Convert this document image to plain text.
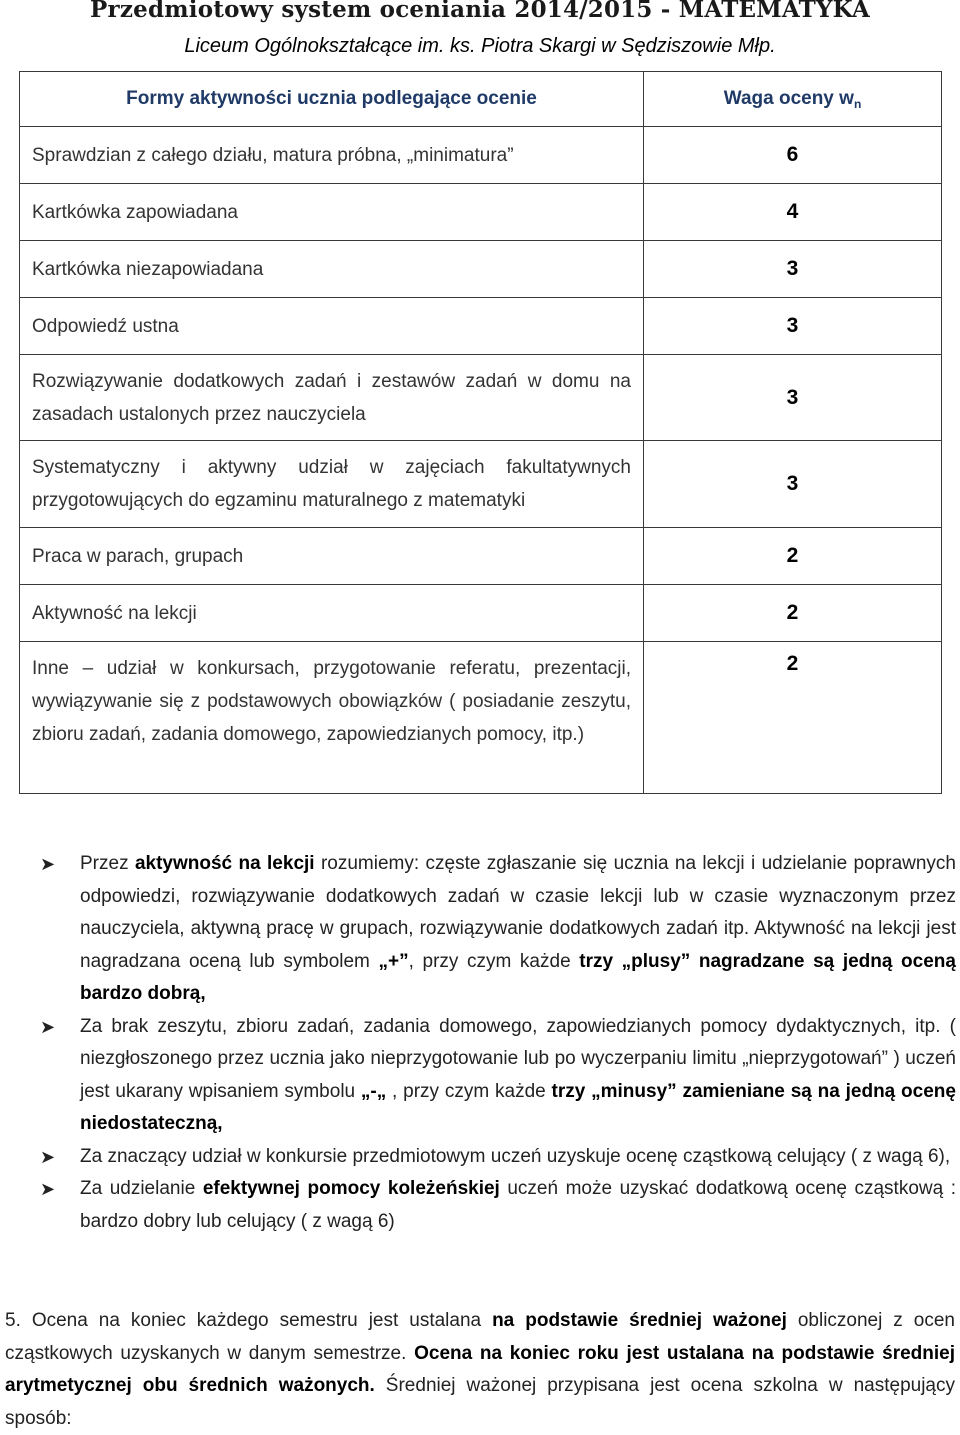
Przedmiotowy system oceniania 2014/2015 - MATEMATYKA
Liceum Ogólnokształcące im. ks. Piotra Skargi w Sędziszowie Młp.
Formy aktywności ucznia podlegające ocenie	Waga oceny $w_n$
Sprawdzian z całego działu, matura próbna, „minimatura”	6
Kartkówka zapowiadana	4
Kartkówka niezapowiadana	3
Odpowiedź ustna	3
Rozwiązywanie dodatkowych zadań i zestawów zadań w domu na zasadach ustalonych przez nauczyciela	3
Systematyczny i aktywny udział w zajęciach fakultatywnych przygotowujących do egzaminu maturalnego z matematyki	3
Praca w parach, grupach	2
Aktywność na lekcji	2
Inne – udział w konkursach, przygotowanie referatu, prezentacji, wywiązywanie się z podstawowych obowiązków ( posiadanie zeszytu, zbioru zadań, zadania domowego, zapowiedzianych pomocy, itp.)	2
➤ Przez aktywność na lekcji rozumiemy: częste zgłaszanie się ucznia na lekcji i udzielanie poprawnych odpowiedzi, rozwiązywanie dodatkowych zadań w czasie lekcji lub w czasie wyznaczonym przez nauczyciela, aktywną pracę w grupach, rozwiązywanie dodatkowych zadań itp. Aktywność na lekcji jest nagradzana oceną lub symbolem „+”, przy czym każde trzy „plusy” nagradzane są jedną oceną bardzo dobrą,
➤ Za brak zeszytu, zbioru zadań, zadania domowego, zapowiedzianych pomocy dydaktycznych, itp. ( niezgłoszonego przez ucznia jako nieprzygotowanie lub po wyczerpaniu limitu „nieprzygotowań” ) uczeń jest ukarany wpisaniem symbolu „-„ , przy czym każde trzy „minusy” zamieniane są na jedną ocenę niedostateczną,
➤ Za znaczący udział w konkursie przedmiotowym uczeń uzyskuje ocenę cząstkową celujący ( z wagą 6),
➤ Za udzielanie efektywnej pomocy koleżeńskiej uczeń może uzyskać dodatkową ocenę cząstkową : bardzo dobry lub celujący ( z wagą 6)
5. Ocena na koniec każdego semestru jest ustalana na podstawie średniej ważonej obliczonej z ocen cząstkowych uzyskanych w danym semestrze. Ocena na koniec roku jest ustalana na podstawie średniej arytmetycznej obu średnich ważonych. Średniej ważonej przypisana jest ocena szkolna w następujący sposób:
